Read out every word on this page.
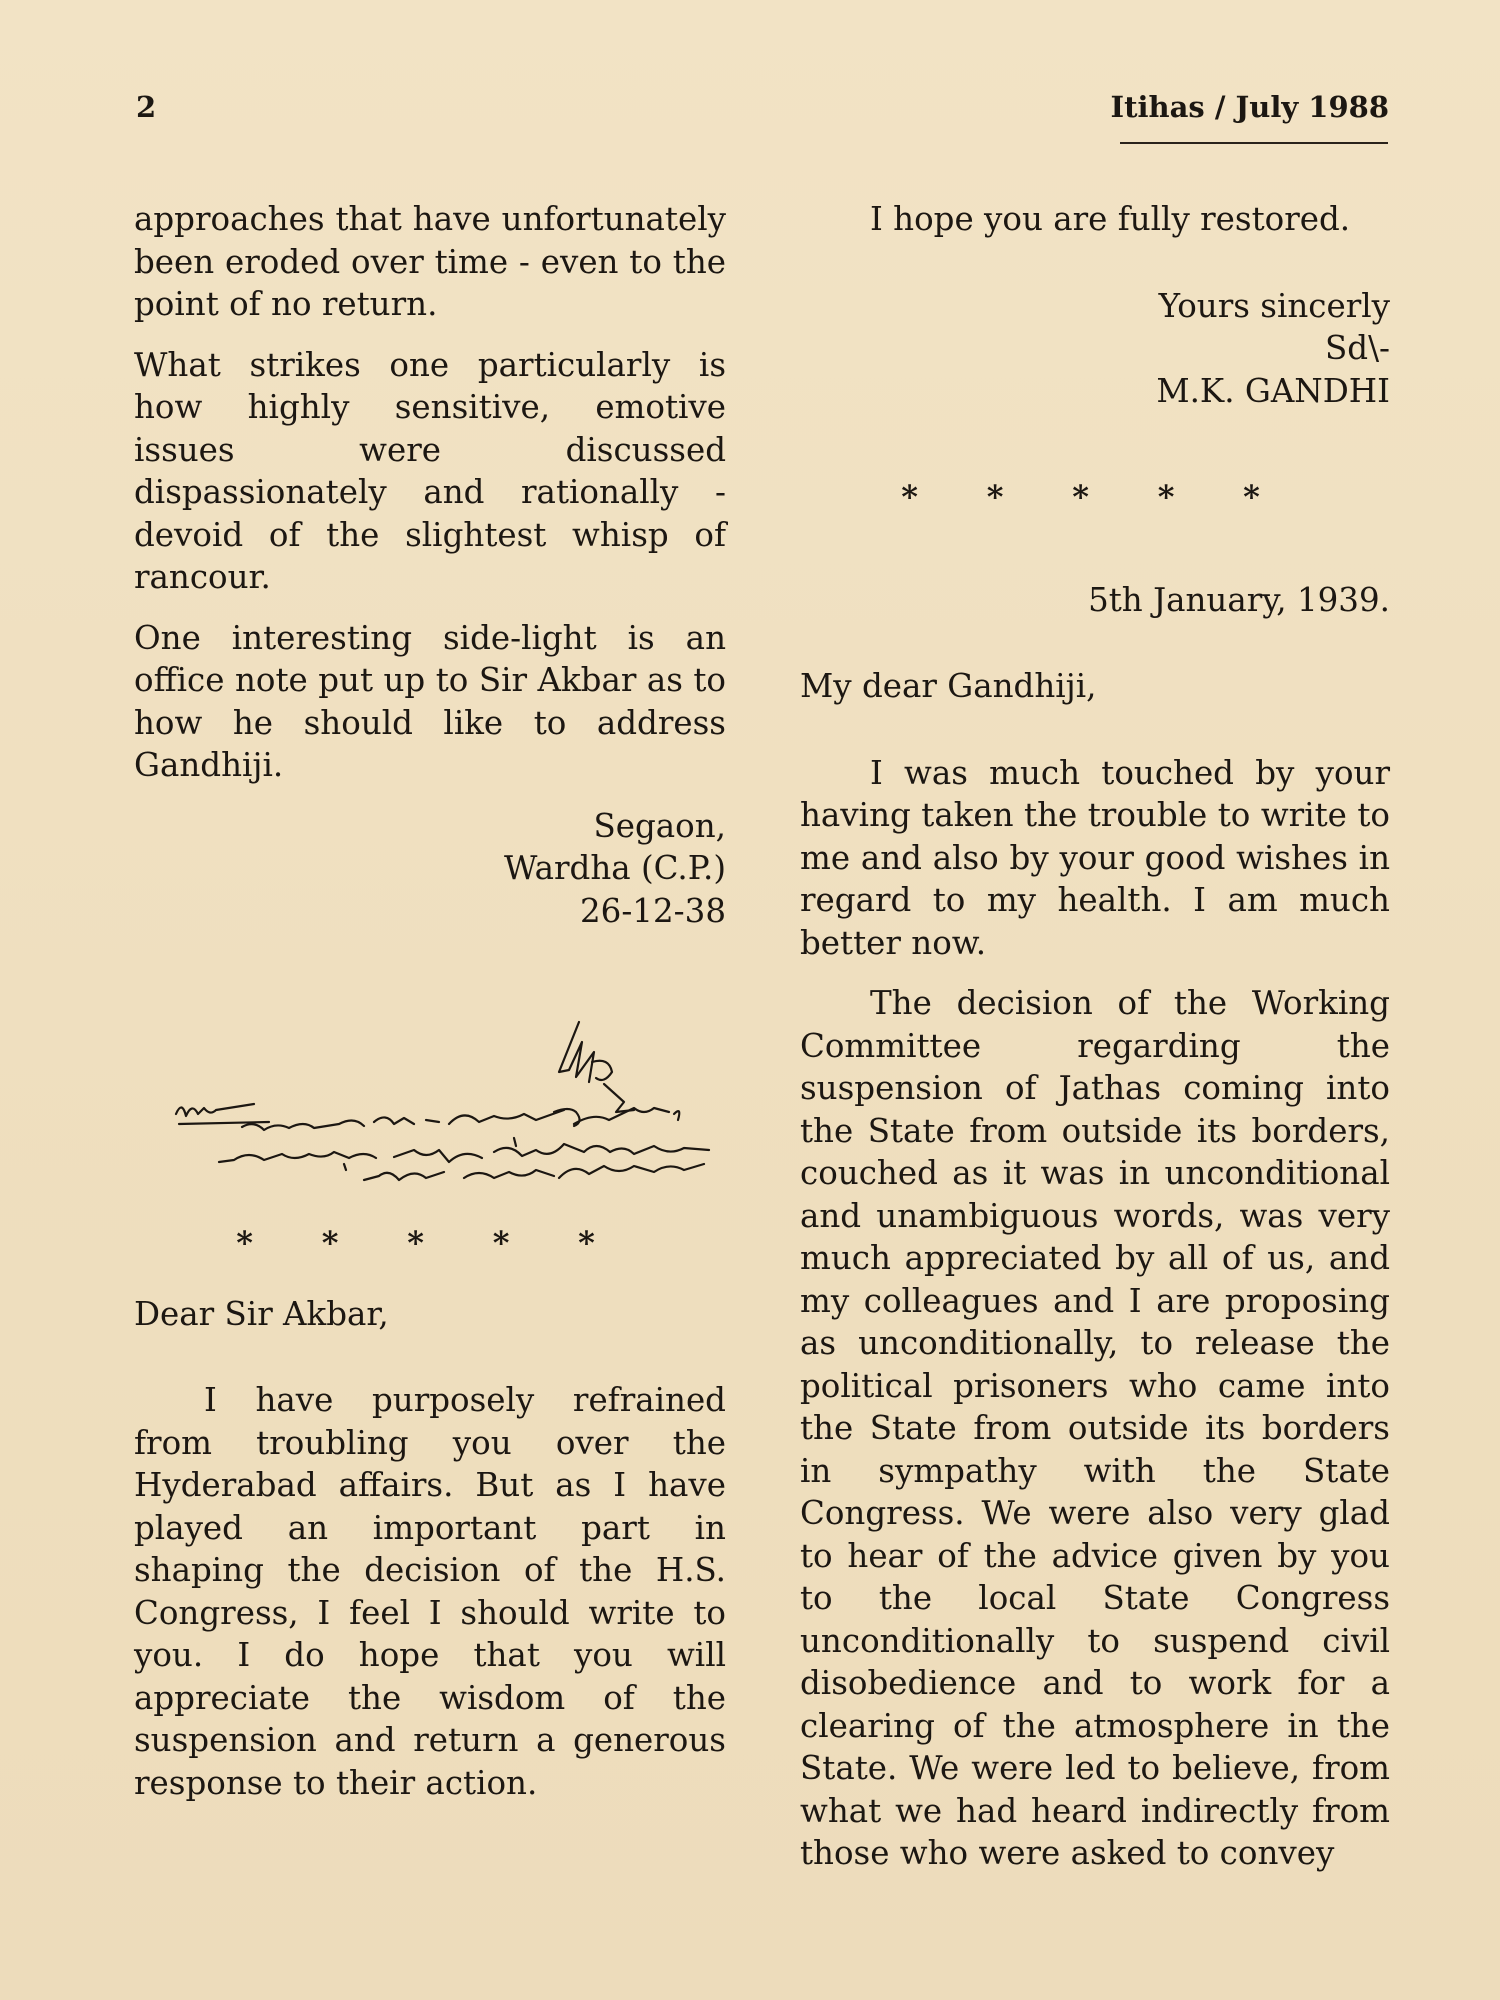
2	Itihas / July 1988

approaches that have unfortunately been eroded over time - even to the point of no return.

What strikes one particularly is how highly sensitive, emotive issues were discussed dispassionately and rationally - devoid of the slightest whisp of rancour.

One interesting side-light is an office note put up to Sir Akbar as to how he should like to address Gandhiji.

Segaon,

Wardha (C.P.)

26-12-38

* * * * *

Dear Sir Akbar,

I have purposely refrained from troubling you over the Hyderabad affairs. But as I have played an important part in shaping the decision of the H.S. Congress, I feel I should write to you. I do hope that you will appreciate the wisdom of the suspension and return a generous response to their action.

I hope you are fully restored.

Yours sincerly

Sd\-

M.K. GANDHI

* * * * *

5th January, 1939.

My dear Gandhiji,

I was much touched by your having taken the trouble to write to me and also by your good wishes in regard to my health. I am much better now.

The decision of the Working Committee regarding the suspension of Jathas coming into the State from outside its borders, couched as it was in unconditional and unambiguous words, was very much appreciated by all of us, and my colleagues and I are proposing as unconditionally, to release the political prisoners who came into the State from outside its borders in sympathy with the State Congress. We were also very glad to hear of the advice given by you to the local State Congress unconditionally to suspend civil disobedience and to work for a clearing of the atmosphere in the State. We were led to believe, from what we had heard indirectly from those who were asked to convey
